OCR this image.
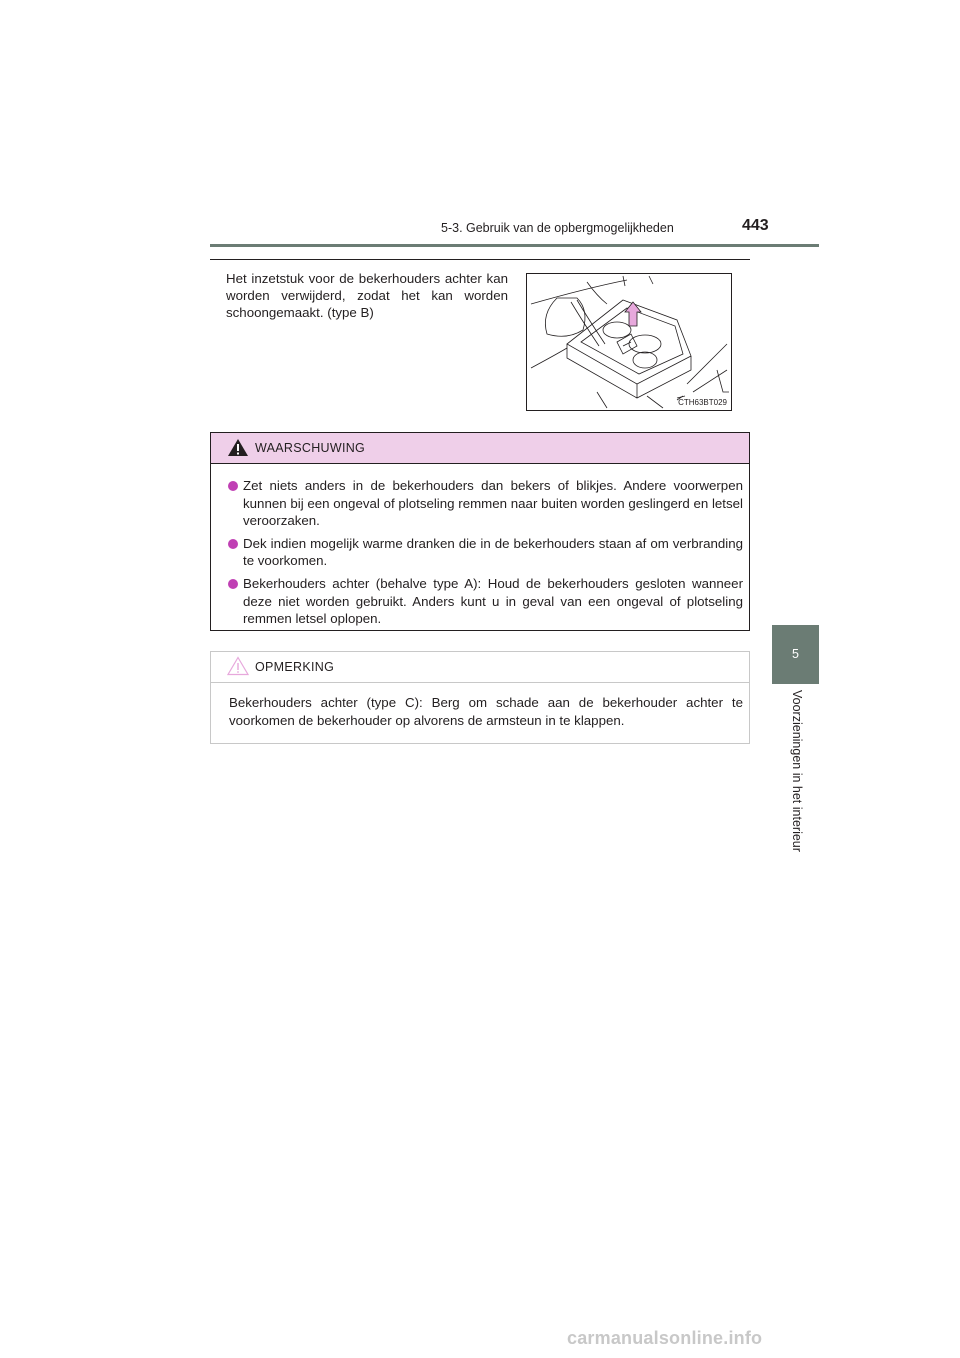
5-3. Gebruik van de opbergmogelijkheden	443
5
Voorzieningen in het interieur
Het inzetstuk voor de bekerhouders achter kan worden verwijderd, zodat het kan worden schoongemaakt. (type B)
CTH63BT029
WAARSCHUWING
Zet niets anders in de bekerhouders dan bekers of blikjes. Andere voorwerpen kunnen bij een ongeval of plotseling remmen naar buiten worden geslingerd en letsel veroorzaken.
Dek indien mogelijk warme dranken die in de bekerhouders staan af om verbranding te voorkomen.
Bekerhouders achter (behalve type A): Houd de bekerhouders gesloten wanneer deze niet worden gebruikt. Anders kunt u in geval van een ongeval of plotseling remmen letsel oplopen.
OPMERKING
Bekerhouders achter (type C): Berg om schade aan de bekerhouder achter te voorkomen de bekerhouder op alvorens de armsteun in te klappen.
carmanualsonline.info
